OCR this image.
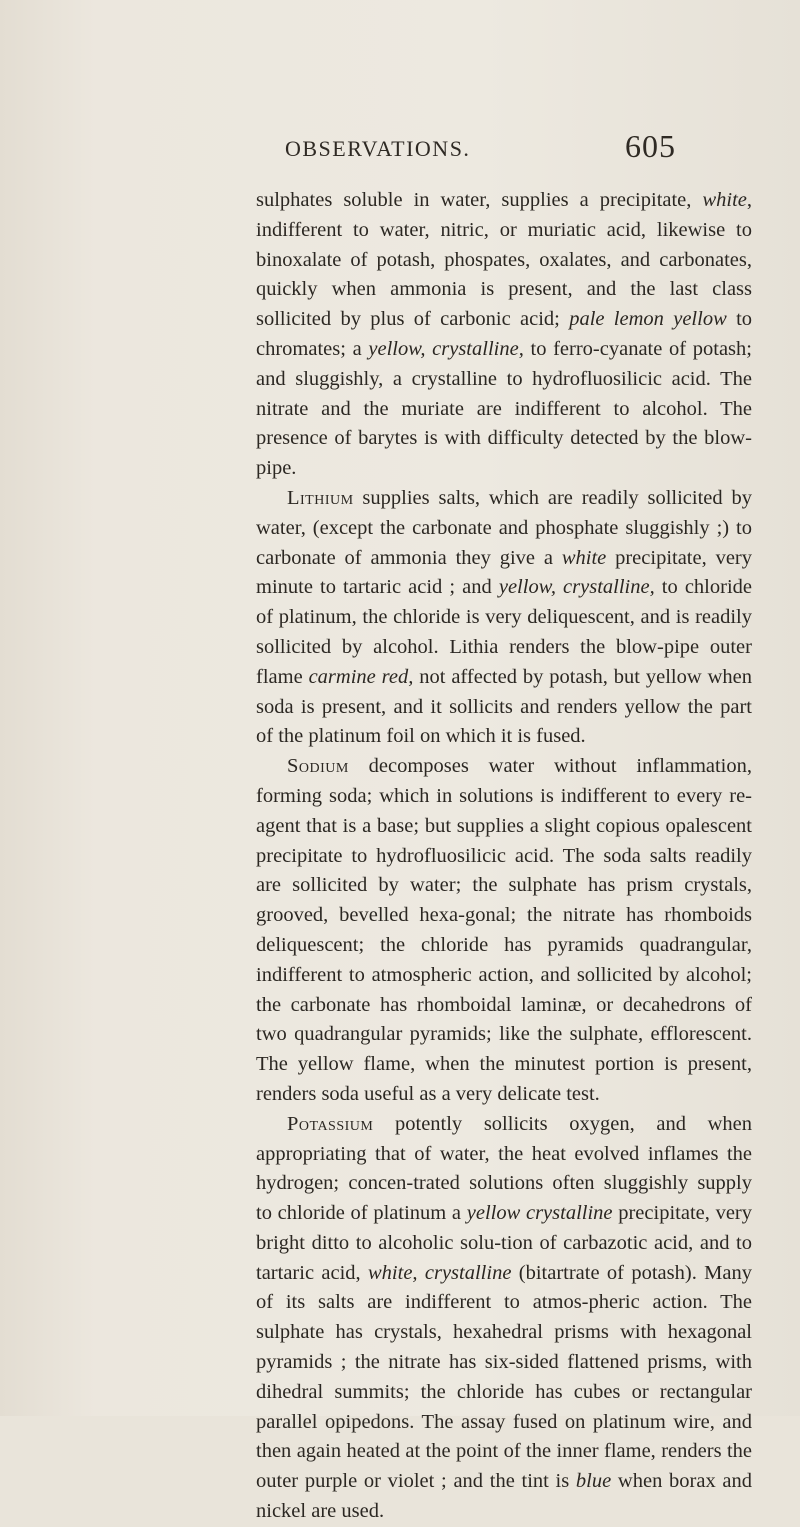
OBSERVATIONS.	605

sulphates soluble in water, supplies a precipitate, white, indifferent to water, nitric, or muriatic acid, likewise to binoxalate of potash, phospates, oxalates, and carbonates, quickly when ammonia is present, and the last class sollicited by plus of carbonic acid; pale lemon yellow to chromates; a yellow, crystalline, to ferro-cyanate of potash; and sluggishly, a crystalline to hydrofluosilicic acid. The nitrate and the muriate are indifferent to alcohol. The presence of barytes is with difficulty detected by the blow-pipe.

Lithium supplies salts, which are readily sollicited by water, (except the carbonate and phosphate sluggishly ;) to carbonate of ammonia they give a white precipitate, very minute to tartaric acid ; and yellow, crystalline, to chloride of platinum, the chloride is very deliquescent, and is readily sollicited by alcohol. Lithia renders the blow-pipe outer flame carmine red, not affected by potash, but yellow when soda is present, and it sollicits and renders yellow the part of the platinum foil on which it is fused.

Sodium decomposes water without inflammation, forming soda; which in solutions is indifferent to every re-agent that is a base; but supplies a slight copious opalescent precipitate to hydrofluosilicic acid. The soda salts readily are sollicited by water; the sulphate has prism crystals, grooved, bevelled hexa-gonal; the nitrate has rhomboids deliquescent; the chloride has pyramids quadrangular, indifferent to atmospheric action, and sollicited by alcohol; the carbonate has rhomboidal laminæ, or decahedrons of two quadrangular pyramids; like the sulphate, efflorescent. The yellow flame, when the minutest portion is present, renders soda useful as a very delicate test.

Potassium potently sollicits oxygen, and when appropriating that of water, the heat evolved inflames the hydrogen; concen-trated solutions often sluggishly supply to chloride of platinum a yellow crystalline precipitate, very bright ditto to alcoholic solu-tion of carbazotic acid, and to tartaric acid, white, crystalline (bitartrate of potash). Many of its salts are indifferent to atmos-pheric action. The sulphate has crystals, hexahedral prisms with hexagonal pyramids ; the nitrate has six-sided flattened prisms, with dihedral summits; the chloride has cubes or rectangular parallel opipedons. The assay fused on platinum wire, and then again heated at the point of the inner flame, renders the outer purple or violet ; and the tint is blue when borax and nickel are used.
